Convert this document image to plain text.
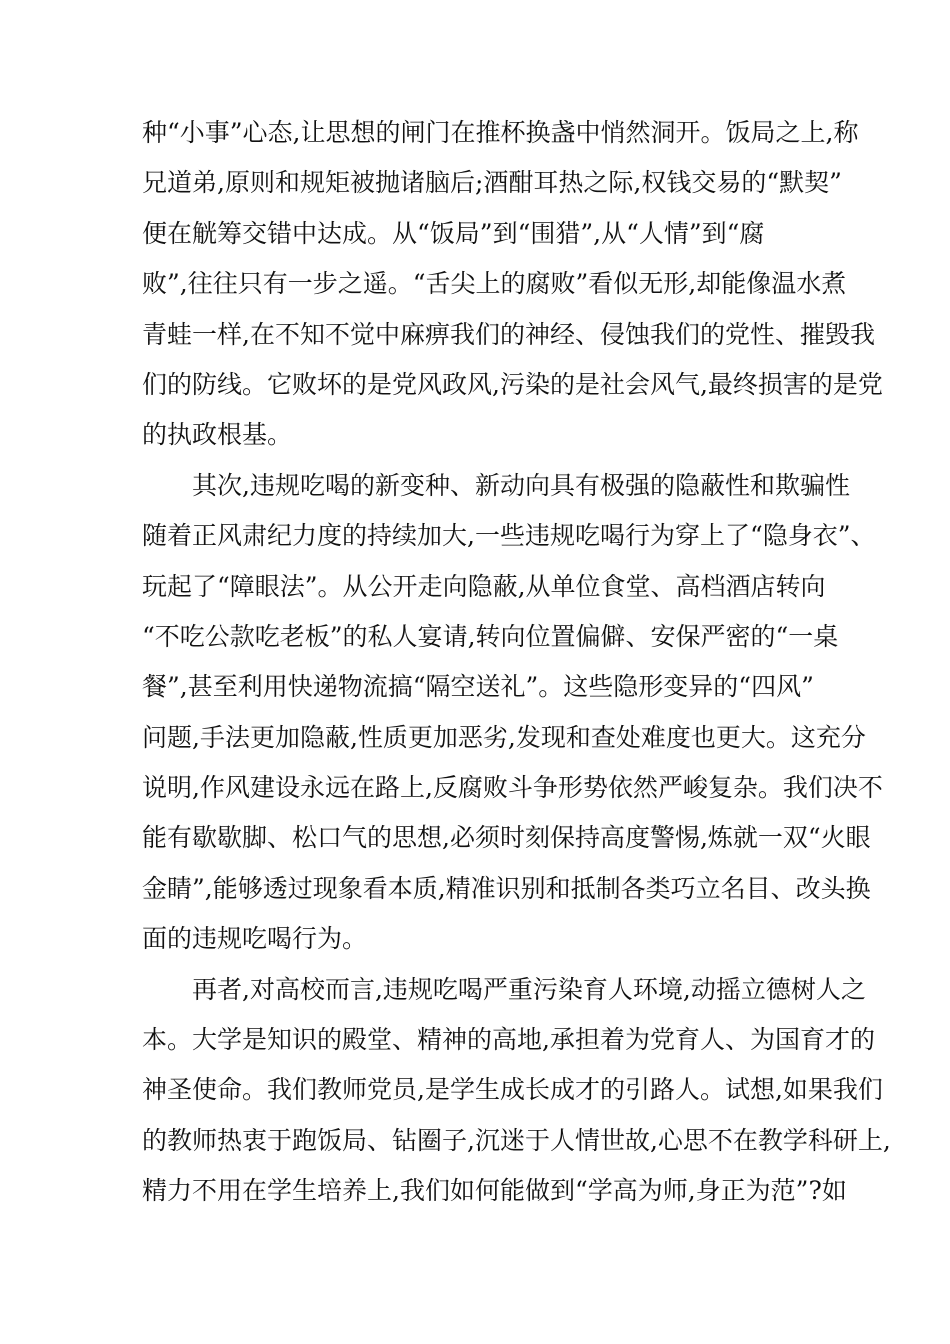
种“小事”心态,让思想的闸门在推杯换盏中悄然洞开。饭局之上,称
兄道弟,原则和规矩被抛诸脑后;酒酣耳热之际,权钱交易的“默契”
便在觥筹交错中达成。从“饭局”到“围猎”,从“人情”到“腐
败”,往往只有一步之遥。“舌尖上的腐败”看似无形,却能像温水煮
青蛙一样,在不知不觉中麻痹我们的神经、侵蚀我们的党性、摧毁我
们的防线。它败坏的是党风政风,污染的是社会风气,最终损害的是党
的执政根基。
其次,违规吃喝的新变种、新动向具有极强的隐蔽性和欺骗性
随着正风肃纪力度的持续加大,一些违规吃喝行为穿上了“隐身衣”、
玩起了“障眼法”。从公开走向隐蔽,从单位食堂、高档酒店转向
“不吃公款吃老板”的私人宴请,转向位置偏僻、安保严密的“一桌
餐”,甚至利用快递物流搞“隔空送礼”。这些隐形变异的“四风”
问题,手法更加隐蔽,性质更加恶劣,发现和查处难度也更大。这充分
说明,作风建设永远在路上,反腐败斗争形势依然严峻复杂。我们决不
能有歇歇脚、松口气的思想,必须时刻保持高度警惕,炼就一双“火眼
金睛”,能够透过现象看本质,精准识别和抵制各类巧立名目、改头换
面的违规吃喝行为。
再者,对高校而言,违规吃喝严重污染育人环境,动摇立德树人之
本。大学是知识的殿堂、精神的高地,承担着为党育人、为国育才的
神圣使命。我们教师党员,是学生成长成才的引路人。试想,如果我们
的教师热衷于跑饭局、钻圈子,沉迷于人情世故,心思不在教学科研上,
精力不用在学生培养上,我们如何能做到“学高为师,身正为范”?如
